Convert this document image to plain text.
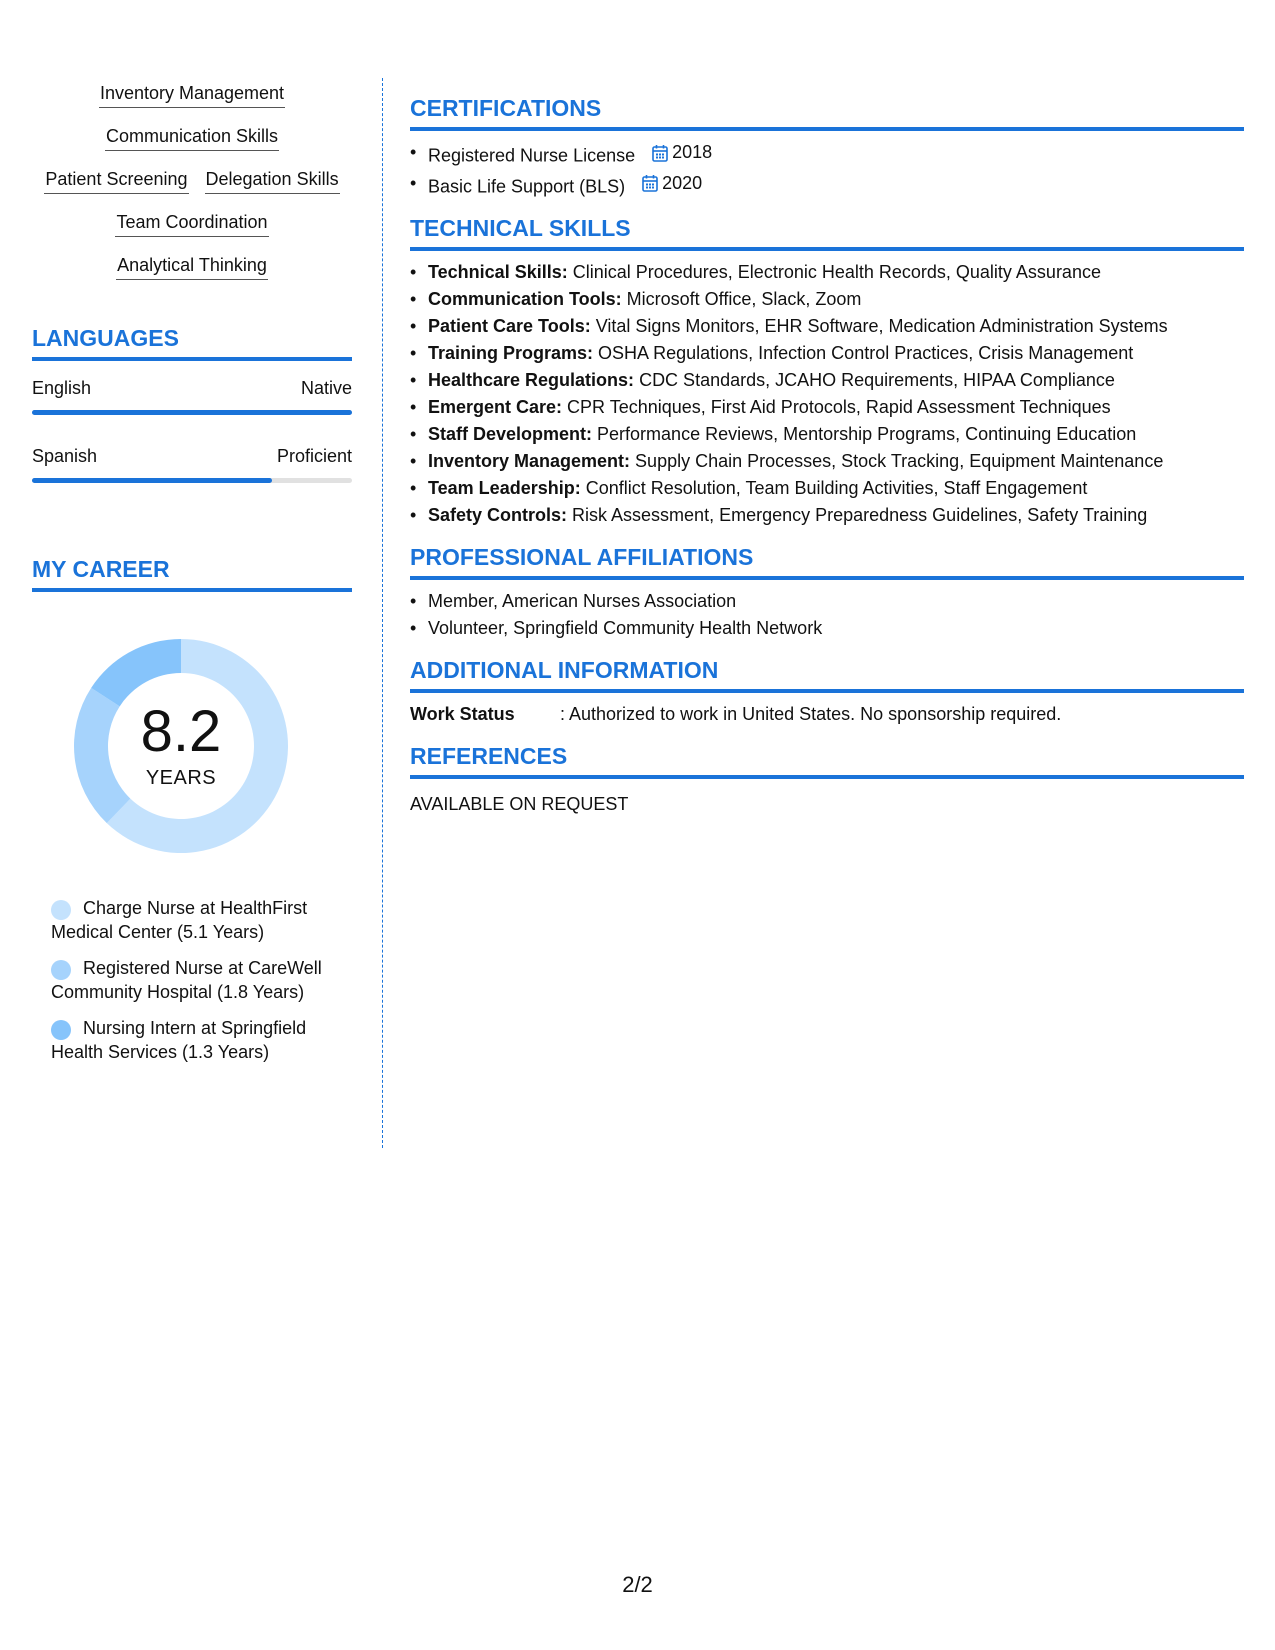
Inventory Management
Communication Skills
Patient Screening Delegation Skills
Team Coordination
Analytical Thinking
LANGUAGES
English	Native
Spanish	Proficient
MY CAREER
8.2
YEARS
Charge Nurse at HealthFirst Medical Center (5.1 Years)
Registered Nurse at CareWell Community Hospital (1.8 Years)
Nursing Intern at Springfield Health Services (1.3 Years)
CERTIFICATIONS
• Registered Nurse License 2018
• Basic Life Support (BLS) 2020
TECHNICAL SKILLS
• Technical Skills: Clinical Procedures, Electronic Health Records, Quality Assurance
• Communication Tools: Microsoft Office, Slack, Zoom
• Patient Care Tools: Vital Signs Monitors, EHR Software, Medication Administration Systems
• Training Programs: OSHA Regulations, Infection Control Practices, Crisis Management
• Healthcare Regulations: CDC Standards, JCAHO Requirements, HIPAA Compliance
• Emergent Care: CPR Techniques, First Aid Protocols, Rapid Assessment Techniques
• Staff Development: Performance Reviews, Mentorship Programs, Continuing Education
• Inventory Management: Supply Chain Processes, Stock Tracking, Equipment Maintenance
• Team Leadership: Conflict Resolution, Team Building Activities, Staff Engagement
• Safety Controls: Risk Assessment, Emergency Preparedness Guidelines, Safety Training
PROFESSIONAL AFFILIATIONS
• Member, American Nurses Association
• Volunteer, Springfield Community Health Network
ADDITIONAL INFORMATION
Work Status	: Authorized to work in United States. No sponsorship required.
REFERENCES
AVAILABLE ON REQUEST
2/2
